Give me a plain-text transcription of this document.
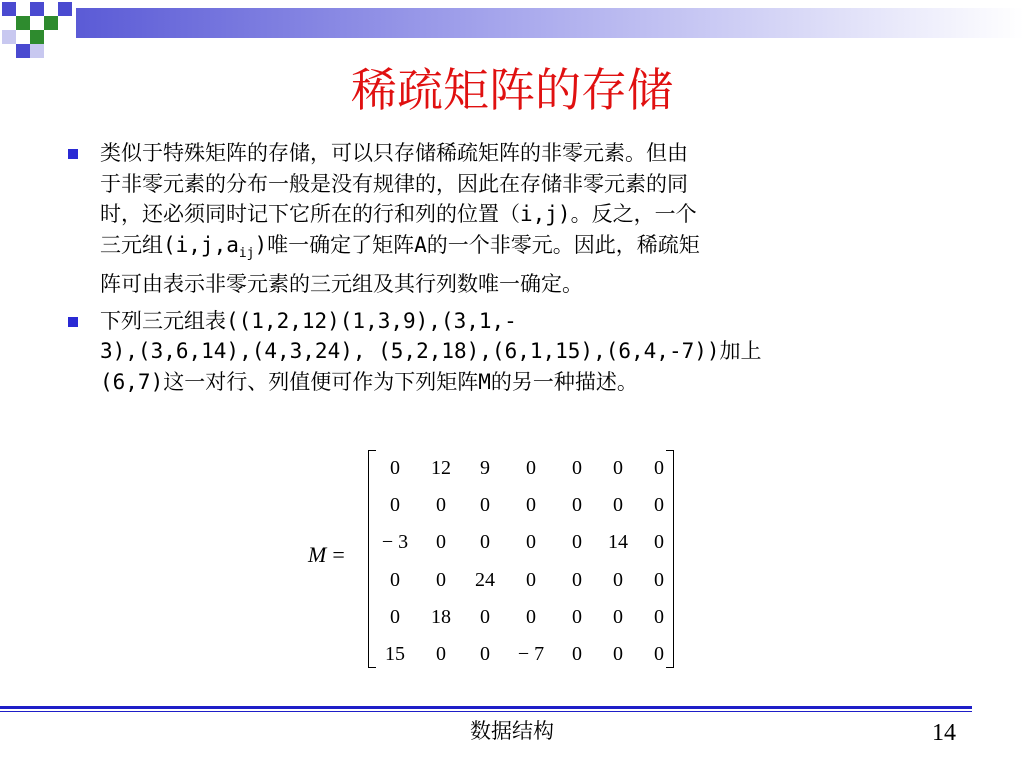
稀疏矩阵的存储

类似于特殊矩阵的存储，可以只存储稀疏矩阵的非零元素。但由

于非零元素的分布一般是没有规律的，因此在存储非零元素的同

时，还必须同时记下它所在的行和列的位置（i,j)。反之，一个

三元组$(i,j,a_{ij})$唯一确定了矩阵A的一个非零元。因此，稀疏矩

阵可由表示非零元素的三元组及其行列数唯一确定。

下列三元组表((1,2,12)(1,3,9),(3,1,-

3),(3,6,14),(4,3,24), (5,2,18),(6,1,15),(6,4,-7))加上

(6,7)这一对行、列值便可作为下列矩阵M的另一种描述。

M =
0	12	9	0	0	0	0
0	0	0	0	0	0	0
− 3	0	0	0	0	14	0
0	0	24	0	0	0	0
0	18	0	0	0	0	0
15	0	0	− 7	0	0	0
数据结构	14
